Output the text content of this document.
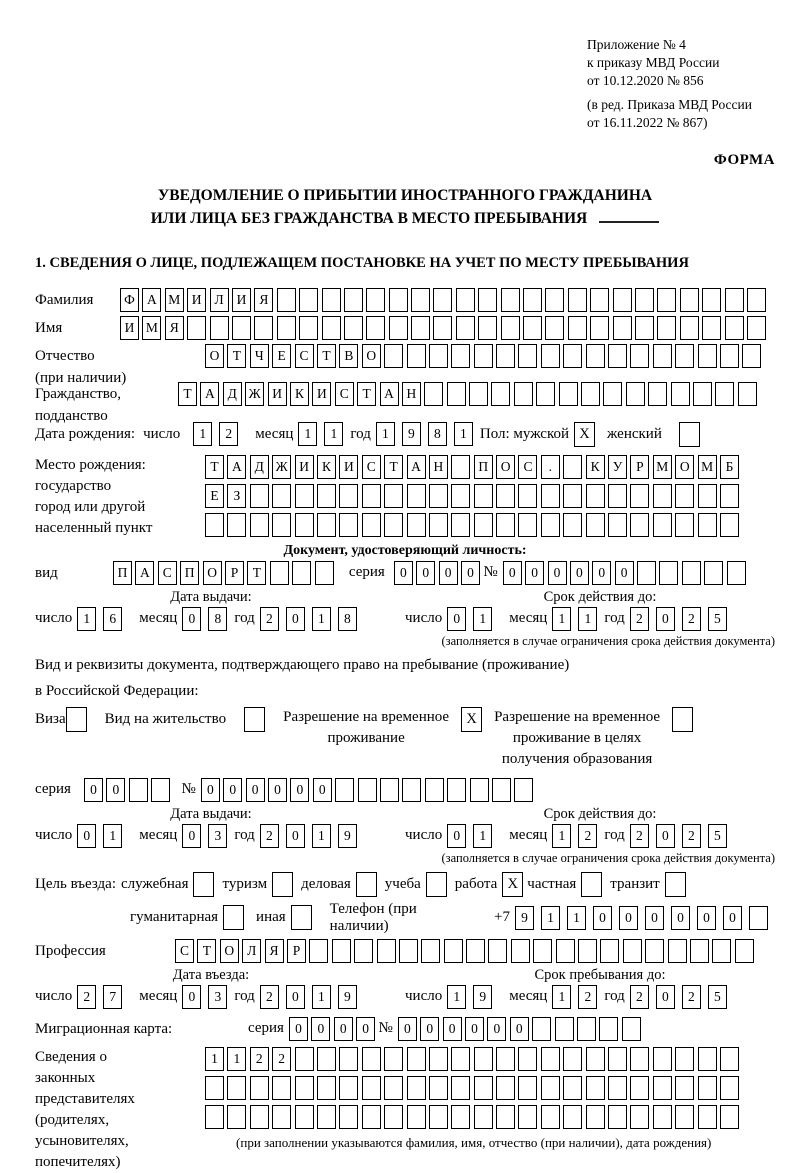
Приложение № 4
к приказу МВД России
от 10.12.2020 № 856
(в ред. Приказа МВД России
от 16.11.2022 № 867)
ФОРМА
УВЕДОМЛЕНИЕ О ПРИБЫТИИ ИНОСТРАННОГО ГРАЖДАНИНА
ИЛИ ЛИЦА БЕЗ ГРАЖДАНСТВА В МЕСТО ПРЕБЫВАНИЯ
1. СВЕДЕНИЯ О ЛИЦЕ, ПОДЛЕЖАЩЕМ ПОСТАНОВКЕ НА УЧЕТ ПО МЕСТУ ПРЕБЫВАНИЯ
Фамилия	Ф А М И Л И Я
Имя	И М Я
Отчество
(при наличии)
О Т	Ч	Е	С	Т	В О
Гражданство,
подданство
Т А Д Ж И К И С	Т А Н
Дата рождения: число	1	2	месяц 1	1 год 1	9	8	1 Пол: мужской X	женский
Место рождения:
государство
город или другой
населенный пункт
Т А Д Ж И К И С	Т А Н	П О С	.	К У	Р М О М Б
Е	З
Документ, удостоверяющий личность:
вид	П А С П О	Р	Т	серия	0	0	0	0 № 0	0	0	0	0	0
Дата выдачи:
число 1	6	месяц 0	8 год 2	0	1	8
Срок действия до:
число 0	1	месяц 1	1 год 2	0	2	5
(заполняется в случае ограничения срока действия документа)
Вид и реквизиты документа, подтверждающего право на пребывание (проживание)
в Российской Федерации:
Виза	Вид на жительство	Разрешение на временное
проживание
X	Разрешение на временное
проживание в целях
получения образования
серия	0	0	№ 0	0	0	0	0	0
Дата выдачи:
число 0	1	месяц 0	3 год 2	0	1	9
Срок действия до:
число 0	1	месяц 1	2 год 2	0	2	5
(заполняется в случае ограничения срока действия документа)
Цель въезда: служебная туризм деловая учеба работа X частная транзит
гуманитарная	иная
Телефон (при наличии)
+7 9	1	1	0	0	0	0	0	0
Профессия	С	Т О Л Я	Р
Дата въезда:
число 2	7	месяц 0	3 год 2	0	1	9
Срок пребывания до:
число 1	9	месяц 1	2 год 2	0	2	5
Миграционная карта:	серия 0	0	0	0 № 0	0	0	0	0	0
Сведения о
законных
представителях
(родителях,
усыновителях,
попечителях)
1	1	2	2
(при заполнении указываются фамилия, имя, отчество (при наличии), дата рождения)
